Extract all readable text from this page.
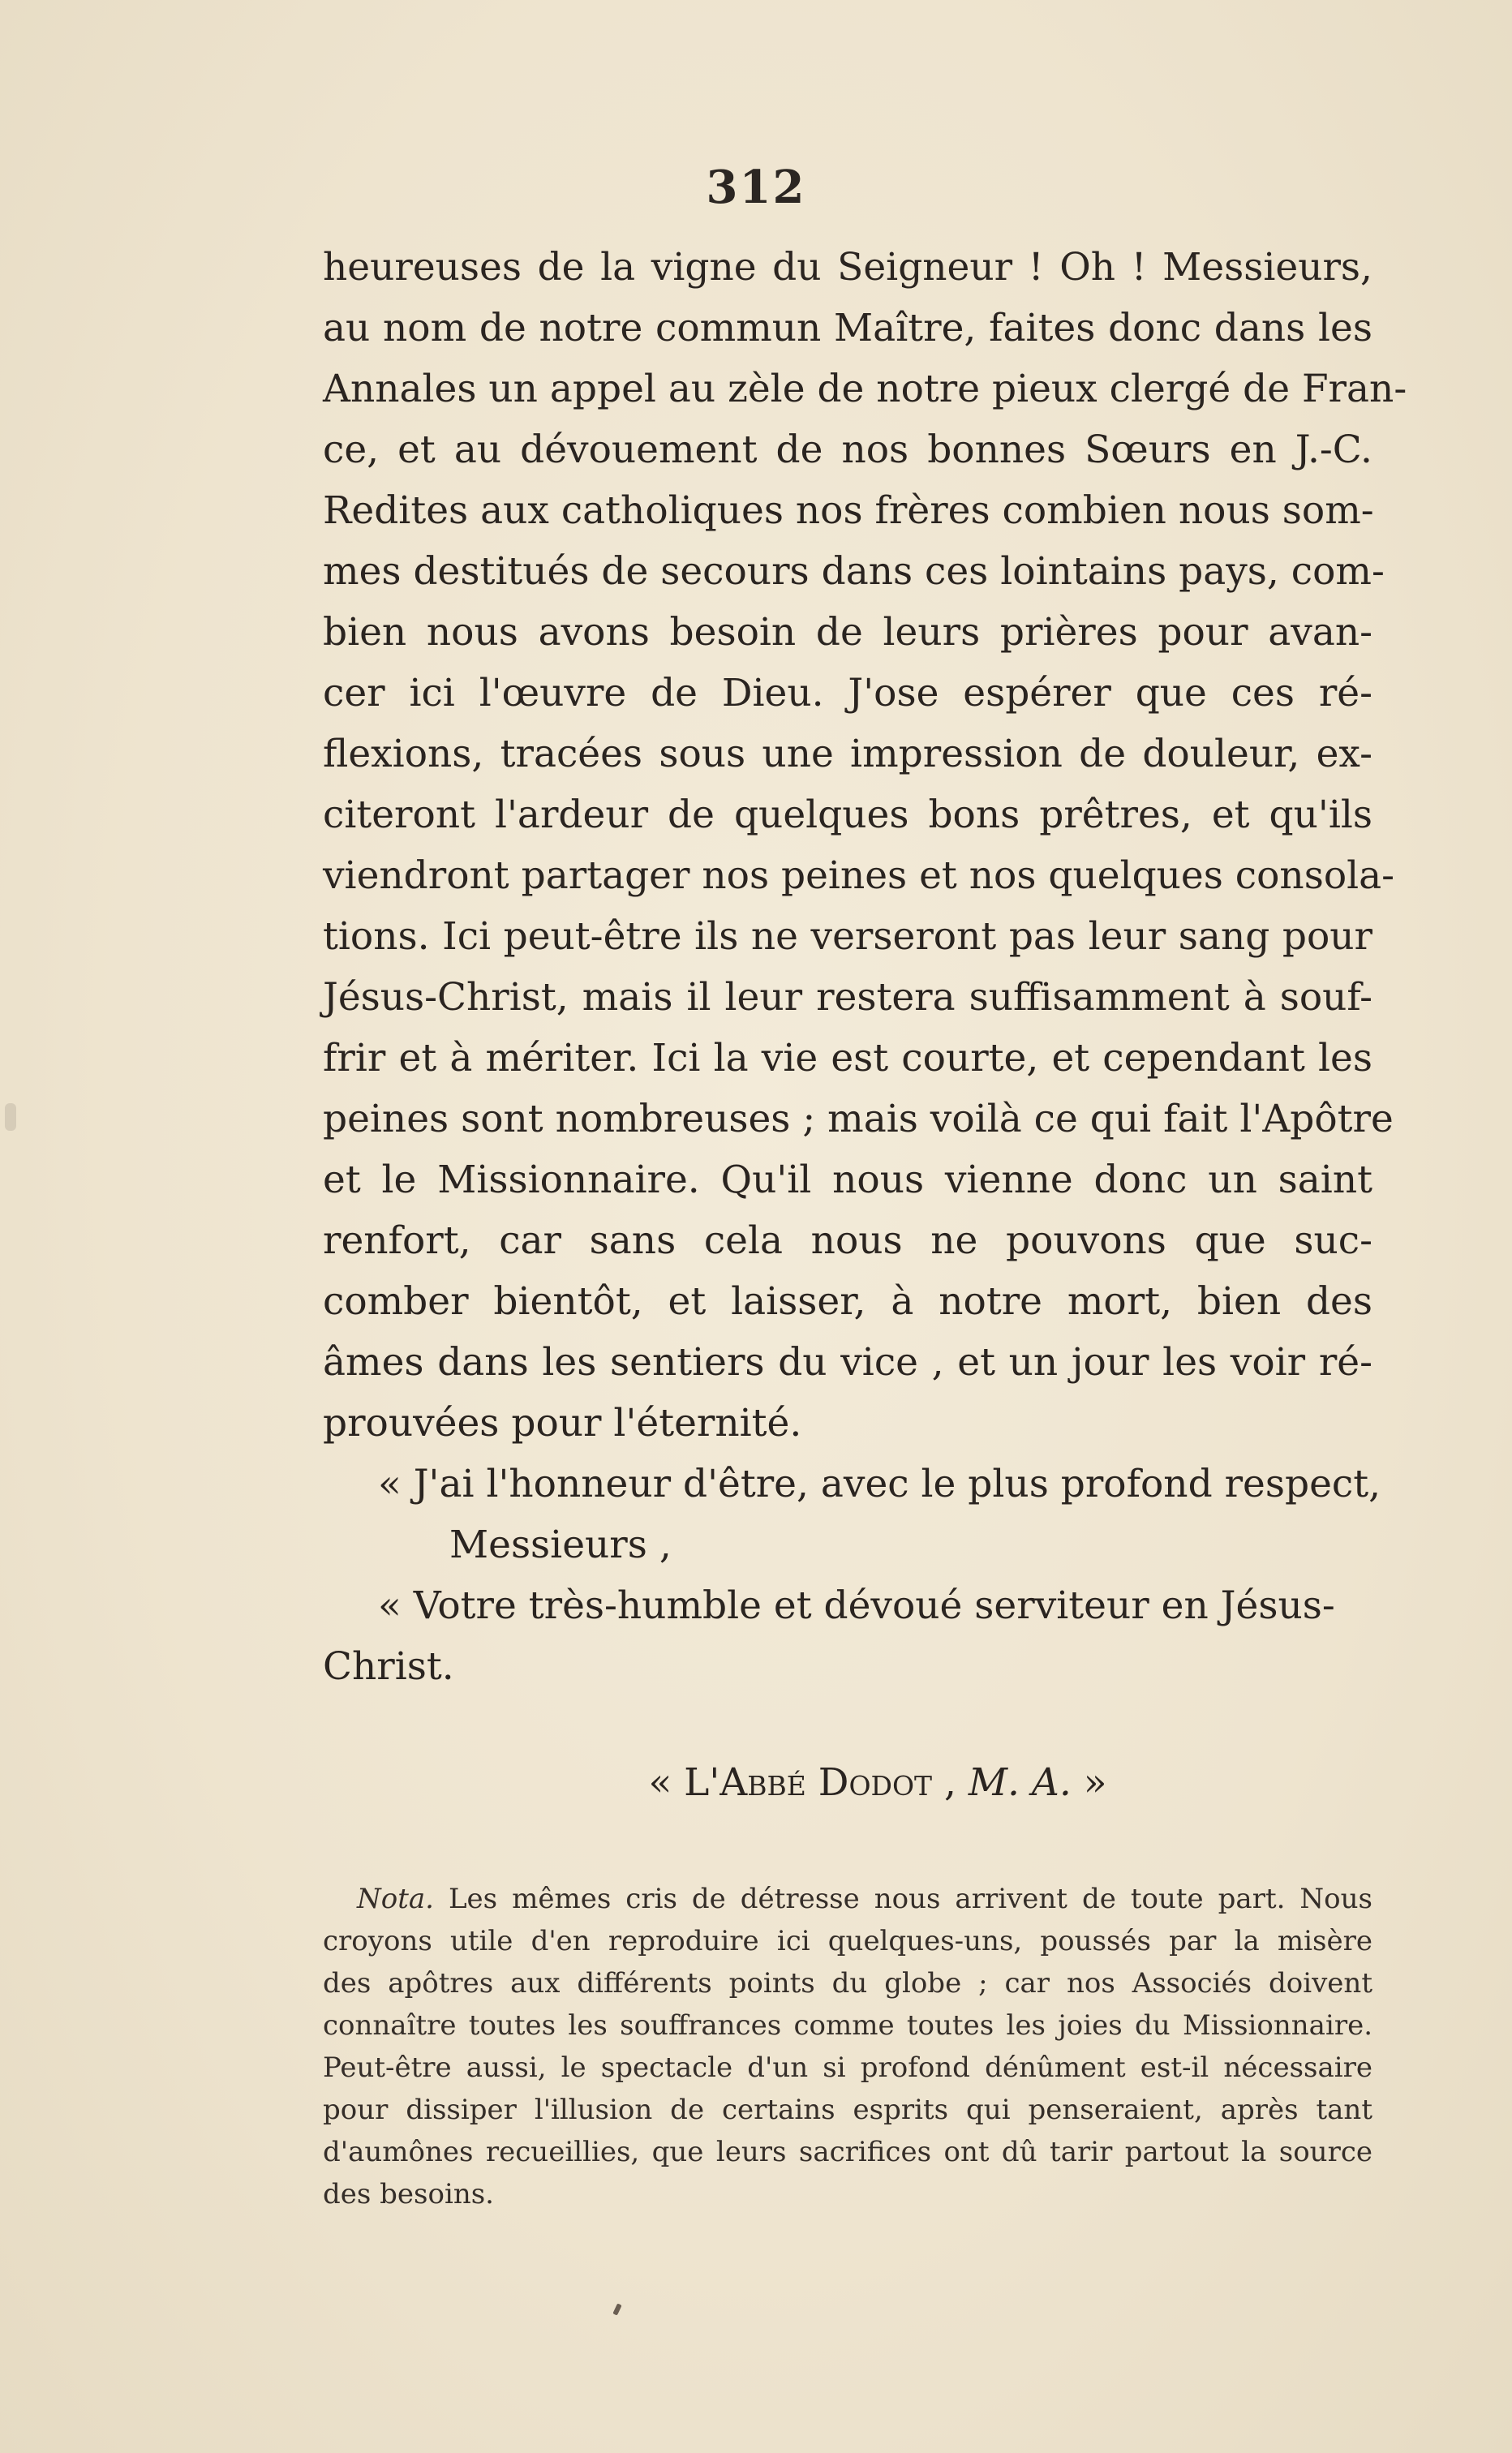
312
heureuses de la vigne du Seigneur ! Oh ! Messieurs,
au nom de notre commun Maître, faites donc dans les
Annales un appel au zèle de notre pieux clergé de Fran-
ce, et au dévouement de nos bonnes Sœurs en J.-C.
Redites aux catholiques nos frères combien nous som-
mes destitués de secours dans ces lointains pays, com-
bien nous avons besoin de leurs prières pour avan-
cer ici l'œuvre de Dieu. J'ose espérer que ces ré-
flexions, tracées sous une impression de douleur, ex-
citeront l'ardeur de quelques bons prêtres, et qu'ils
viendront partager nos peines et nos quelques consola-
tions. Ici peut-être ils ne verseront pas leur sang pour
Jésus-Christ, mais il leur restera suffisamment à souf-
frir et à mériter. Ici la vie est courte, et cependant les
peines sont nombreuses ; mais voilà ce qui fait l'Apôtre
et le Missionnaire. Qu'il nous vienne donc un saint
renfort, car sans cela nous ne pouvons que suc-
comber bientôt, et laisser, à notre mort, bien des
âmes dans les sentiers du vice , et un jour les voir ré-
prouvées pour l'éternité.
« J'ai l'honneur d'être, avec le plus profond respect,
Messieurs ,
« Votre très-humble et dévoué serviteur en Jésus-
Christ.
« L'Abbé Dodot , M. A. »
Nota. Les mêmes cris de détresse nous arrivent de toute part. Nous
croyons utile d'en reproduire ici quelques-uns, poussés par la misère
des apôtres aux différents points du globe ; car nos Associés doivent
connaître toutes les souffrances comme toutes les joies du Missionnaire.
Peut-être aussi, le spectacle d'un si profond dénûment est-il nécessaire
pour dissiper l'illusion de certains esprits qui penseraient, après tant
d'aumônes recueillies, que leurs sacrifices ont dû tarir partout la source
des besoins.
